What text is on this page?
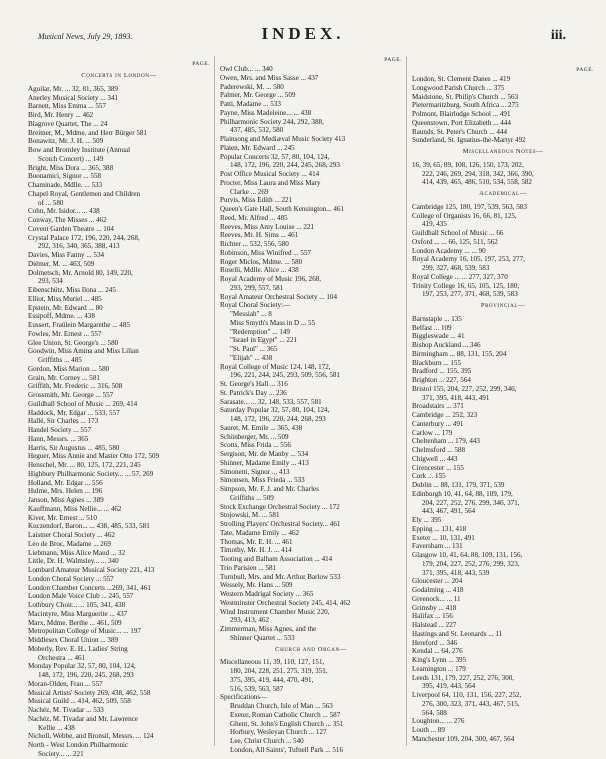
Musical News, July 29, 1893.	INDEX.	iii.
PAGE.
Concerts in London—
Aguilar, Mr. ... 32, 81, 365, 389
Anerley Musical Society ... 341
Barnett, Miss Emma ... 557
Bird, Mr. Henry ... 462
Blagrove Quartet, The ... 24
Breitner, M., Mdme. and Herr Bürger 581
Bonawitz, Mr. J. H. ... 509
Bow and Bromley Institute (Annual
Scotch Concert) ... 149
Bright, Miss Dora ... 365, 388
Buonamici, Signor ... 558
Chaminade, Mdlle. ... 533
Chapel Royal, Gentlemen and Children
of ... 580
Cohn, Mr. Isidor... ... 438
Conway, The Misses ... 462
Covent Garden Theatre ... 104
Crystal Palace 172, 196, 220, 244, 268,
292, 316, 340, 365, 388, 413
Davies, Miss Fanny ... 534
Diémer, M. ... 463, 509
Dolmetsch, Mr. Arnold 80, 149, 220,
293, 534
Eibenschütz, Miss Ilona ... 245
Elliot, Miss Muriel ... 485
Epstein, Mr. Edward ... 80
Essipoff, Mdme. ... 438
Eussert, Fraülein Margarethe ... 485
Fowles, Mr. Ernest ... 557
Glee Union, St. George's ... 580
Goodwin, Miss Amina and Miss Lilian
Griffiths ... 485
Gordon, Miss Marion ... 580
Grain, Mr. Corney ... 581
Griffith, Mr. Frederic ... 316, 508
Grossmith, Mr. George ... 557
Guildhall School of Music ... 269, 414
Haddock, Mr. Edgar ... 533, 557
Hallé, Sir Charles ... 173
Handel Society ... 557
Hann, Messrs. ... 365
Harris, Sir Augustus ... 485, 580
Heguer, Miss Annie and Master Otto 172, 509
Henschel, Mr. ... 80, 125, 172, 221, 245
Highbury Philharmonic Society... ... 57, 269
Holland, Mr. Edgar ... 556
Hulme, Mrs. Helen ... 196
Janson, Miss Agnes ... 389
Kauffmann, Miss Nellie... ... 462
Kiver, Mr. Ernest ... 510
Kuczendorf, Baron... ... 438, 485, 533, 581
Laistner Choral Society ... 462
Leo de Broc, Madame ... 269
Liebmann, Miss Alice Maud ... 32
Little, Dr. H. Walmsley... ... 340
Lombard Amateur Musical Society 221, 413
London Choral Society ... 557
London Chamber Concerts ...269, 341, 461
London Male Voice Club ... 245, 557
Lothbury Choir... ... 105, 341, 438
Macintyre, Miss Marguerite ... 437
Marx, Mdme. Berthe ... 461, 509
Metropolitan College of Music... ... 197
Middlesex Choral Union ... 389
Moberly, Rev. E. H., Ladies' String
Orchestra ... 461
Monday Popular 32, 57, 80, 104, 124,
148, 172, 196, 220, 245, 268, 293
Moran-Olden, Frau ... 557
Musical Artists' Society 269, 438, 462, 558
Musical Guild ... 414, 462, 509, 558
Nachéz, M. Tivadar ... 533
Nachéz, M. Tivadar and Mr. Lawrence
Kellie ... 438
Nicholl, Webbe, and Bronsil, Messrs. ... 124
North - West London Philharmonic
Society... ... 221
PAGE.
Owl Club... ... 340
Owen, Mrs. and Miss Sasse ... 437
Paderewski, M. ... 580
Palmer, Mr. George ... 509
Patti, Madame ... 533
Payne, Miss Madeleine... ... 438
Philharmonic Society 244, 292, 388,
437, 485, 532, 580
Plainsong and Mediæval Music Society 413
Platen, Mr. Edward ... 245
Popular Concerts 32, 57, 80, 104, 124,
148, 172, 196, 220, 244, 245, 268, 293
Post Office Musical Society ... 414
Procter, Miss Laura and Miss Mary
Clarke ... 269
Purvis, Miss Edith ... 221
Queen's Gate Hall, South Kensington... 461
Reed, Mr. Alfred ... 485
Reeves, Miss Amy Louise ... 221
Reeves, Mr. H. Sims ... 461
Richter ... 532, 556, 580
Robinson, Miss Winifred ... 557
Roger Miclos, Mdme. ... 580
Roselli, Mdlle. Alice ... 438
Royal Academy of Music 196, 268,
293, 299, 557, 581
Royal Amateur Orchestral Society ... 104
Royal Choral Society:—
"Messiah" ... 8
Miss Smyth's Mass in D ... 55
"Redemption" ... 149
"Israel in Egypt" ... 221
"St. Paul" ... 365
"Elijah" ... 438
Royal College of Music 124, 148, 172,
196, 221, 244, 245, 293, 509, 556, 581
St. George's Hall ... 316
St. Patrick's Day ... 236
Sarasate... ... 32, 148, 533, 557, 581
Saturday Popular 32, 57, 80, 104, 124,
148, 172, 196, 220, 244, 268, 293
Sauret, M. Emile ... 365, 438
Schönberger, Mr. ... 509
Scotts, Miss Frida ... 556
Sergison, Mr. de Manby ... 534
Shinner, Madame Emily ... 413
Simonetti, Signor ... 413
Simonsen, Miss Frieda ... 533
Simpson, Mr. F. J. and Mr. Charles
Griffiths ... 509
Stock Exchange Orchestral Society ... 172
Stojowski, M. ... 581
Strolling Players' Orchestral Society... 461
Tate, Madame Emily ... 462
Thomas, Mr. E. H. ... 461
Timothy, Mr. H. J. ... 414
Tooting and Balham Association ... 414
Trio Parisien ... 581
Turnbull, Mrs. and Mr. Arthur Barlow 533
Wessely, Mr. Hans ... 509
Western Madrigal Society ... 365
Westminster Orchestral Society 245, 414, 462
Wind Instrument Chamber Music 220,
293, 413, 462
Zimmerman, Miss Agnes, and the
Shinner Quartet ... 533
Church and Organ—
Miscellaneous 11, 39, 110, 127, 151,
180, 204, 228, 251, 275, 319, 351,
375, 395, 419, 444, 470, 491,
516, 539, 563, 587
Specifications—
Bruddan Church, Isle of Man ... 563
Exeter, Roman Catholic Church ... 587
Ghent, St. John's English Church ... 351
Horbury, Wesleyan Church ... 127
Lee, Christ Church ... 540
London, All Saints', Tufnell Park ... 516
PAGE.
London, St. Clement Danes ... 419
Longwood Parish Church ... 375
Maidstone, St. Philip's Church ... 563
Pietermaritzburg, South Africa ... 275
Polmont, Blairlodge School ... 491
Queenstown, Port Elizabeth ... 444
Raunds, St. Peter's Church ... 444
Sunderland, St. Ignatius-the-Martyr 492
Miscellaneous Notes—
16, 39, 65, 89, 108, 126, 150, 173, 202,
222, 246, 269, 294, 318, 342, 366, 390,
414, 439, 465, 486, 510, 534, 558, 582
Academical—
Cambridge 125, 180, 197, 539, 563, 583
College of Organists 16, 66, 81, 125,
419, 435
Guildhall School of Music ... 66
Oxford ... ... 66, 125, 511, 562
London Academy ... ... 90
Royal Academy 16, 105, 197, 253, 277,
299, 327, 468, 539, 583
Royal College ... ... 277, 327, 370
Trinity College 16, 65, 105, 125, 180,
197, 253, 277, 371, 468, 539, 583
Provincial—
Barnstaple ... 135
Belfast ... 109
Biggleswade ... 41
Bishop Auckland ... 346
Birmingham ... 88, 131, 155, 204
Blackburn ... 155
Bradford ... 155, 395
Brighton ... 227, 564
Bristol 155, 204, 227, 252, 299, 346,
371, 395, 418, 443, 491
Broadstairs ... 371
Cambridge ... 252, 323
Canterbury ... 491
Carlow ... 179
Cheltenham ... 179, 443
Chelmsford ... 588
Chigwell ... 443
Cirencester ... 155
Cork ... 155
Dublin ... 88, 131, 179, 371, 539
Edinburgh 10, 41, 64, 88, 109, 179,
204, 227, 252, 276, 299, 346, 371,
443, 467, 491, 564
Ely ... 395
Epping ... 131, 418
Exeter ... 10, 131, 491
Faversham ... 131
Glasgow 10, 41, 64, 88, 109, 131, 156,
179, 204, 227, 252, 276, 299, 323,
371, 395, 418, 443, 539
Gloucester ... 204
Godalming ... 418
Greenock... ... 11
Grimsby ... 418
Halifax ... 156
Halstead ... 227
Hastings and St. Leonards ... 11
Hereford ... 346
Kendal ... 64, 276
King's Lynn ... 395
Leamington ... 179
Leeds 131, 179, 227, 252, 276, 300,
395, 419, 443, 564
Liverpool 64, 110, 131, 156, 227, 252,
276, 300, 323, 371, 443, 467, 515,
564, 588
Loughton... ... 276
Louth ... 89
Manchester 109, 204, 300, 467, 564
